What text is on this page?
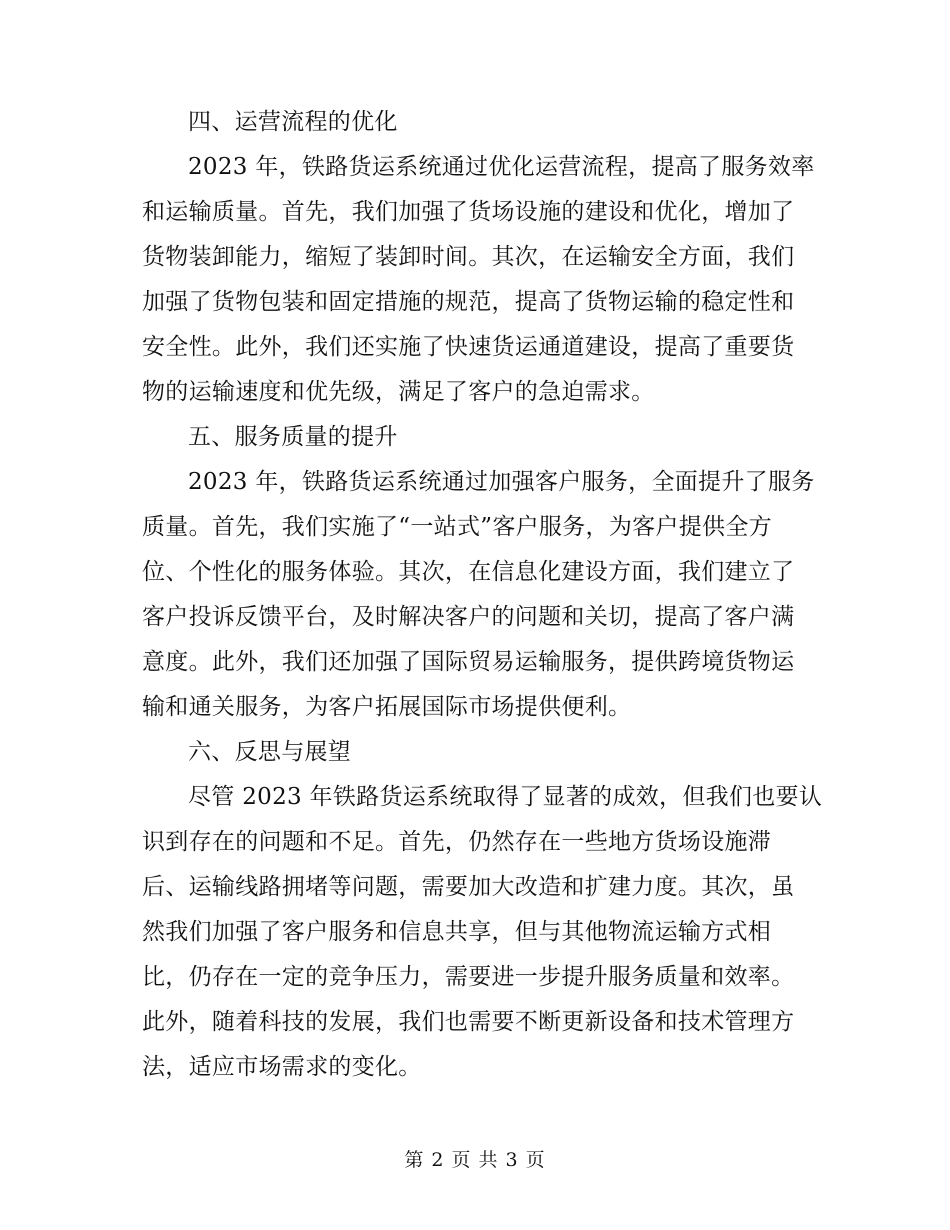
四、运营流程的优化
2023 年，铁路货运系统通过优化运营流程，提高了服务效率
和运输质量。首先，我们加强了货场设施的建设和优化，增加了
货物装卸能力，缩短了装卸时间。其次，在运输安全方面，我们
加强了货物包装和固定措施的规范，提高了货物运输的稳定性和
安全性。此外，我们还实施了快速货运通道建设，提高了重要货
物的运输速度和优先级，满足了客户的急迫需求。
五、服务质量的提升
2023 年，铁路货运系统通过加强客户服务，全面提升了服务
质量。首先，我们实施了“一站式”客户服务，为客户提供全方
位、个性化的服务体验。其次，在信息化建设方面，我们建立了
客户投诉反馈平台，及时解决客户的问题和关切，提高了客户满
意度。此外，我们还加强了国际贸易运输服务，提供跨境货物运
输和通关服务，为客户拓展国际市场提供便利。
六、反思与展望
尽管 2023 年铁路货运系统取得了显著的成效，但我们也要认
识到存在的问题和不足。首先，仍然存在一些地方货场设施滞
后、运输线路拥堵等问题，需要加大改造和扩建力度。其次，虽
然我们加强了客户服务和信息共享，但与其他物流运输方式相
比，仍存在一定的竞争压力，需要进一步提升服务质量和效率。
此外，随着科技的发展，我们也需要不断更新设备和技术管理方
法，适应市场需求的变化。
第 2 页 共 3 页
